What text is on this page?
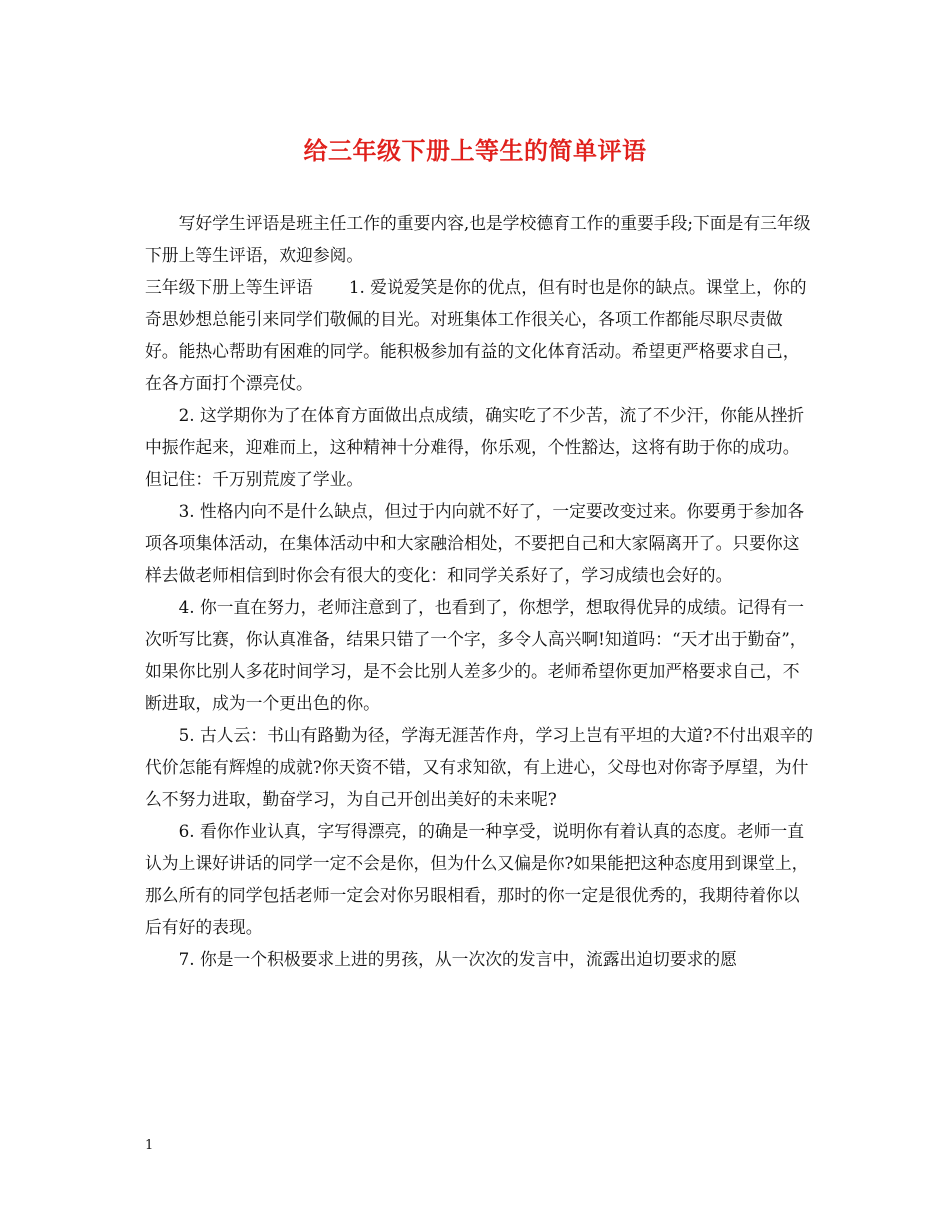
给三年级下册上等生的简单评语

写好学生评语是班主任工作的重要内容,也是学校德育工作的重要手段;下面是有三年级下册上等生评语，欢迎参阅。

三年级下册上等生评语 1. 爱说爱笑是你的优点，但有时也是你的缺点。课堂上，你的奇思妙想总能引来同学们敬佩的目光。对班集体工作很关心，各项工作都能尽职尽责做好。能热心帮助有困难的同学。能积极参加有益的文化体育活动。希望更严格要求自己，在各方面打个漂亮仗。

2. 这学期你为了在体育方面做出点成绩，确实吃了不少苦，流了不少汗，你能从挫折中振作起来，迎难而上，这种精神十分难得，你乐观，个性豁达，这将有助于你的成功。但记住：千万别荒废了学业。

3. 性格内向不是什么缺点，但过于内向就不好了，一定要改变过来。你要勇于参加各项各项集体活动，在集体活动中和大家融洽相处，不要把自己和大家隔离开了。只要你这样去做老师相信到时你会有很大的变化：和同学关系好了，学习成绩也会好的。

4. 你一直在努力，老师注意到了，也看到了，你想学，想取得优异的成绩。记得有一次听写比赛，你认真准备，结果只错了一个字，多令人高兴啊!知道吗：“天才出于勤奋”， 如果你比别人多花时间学习，是不会比别人差多少的。老师希望你更加严格要求自己，不断进取，成为一个更出色的你。

5. 古人云：书山有路勤为径，学海无涯苦作舟，学习上岂有平坦的大道?不付出艰辛的代价怎能有辉煌的成就?你天资不错，又有求知欲，有上进心，父母也对你寄予厚望，为什么不努力进取，勤奋学习，为自己开创出美好的未来呢?

6. 看你作业认真，字写得漂亮，的确是一种享受，说明你有着认真的态度。老师一直认为上课好讲话的同学一定不会是你，但为什么又偏是你?如果能把这种态度用到课堂上，那么所有的同学包括老师一定会对你另眼相看，那时的你一定是很优秀的，我期待着你以后有好的表现。

7. 你是一个积极要求上进的男孩，从一次次的发言中，流露出迫切要求的愿

1
